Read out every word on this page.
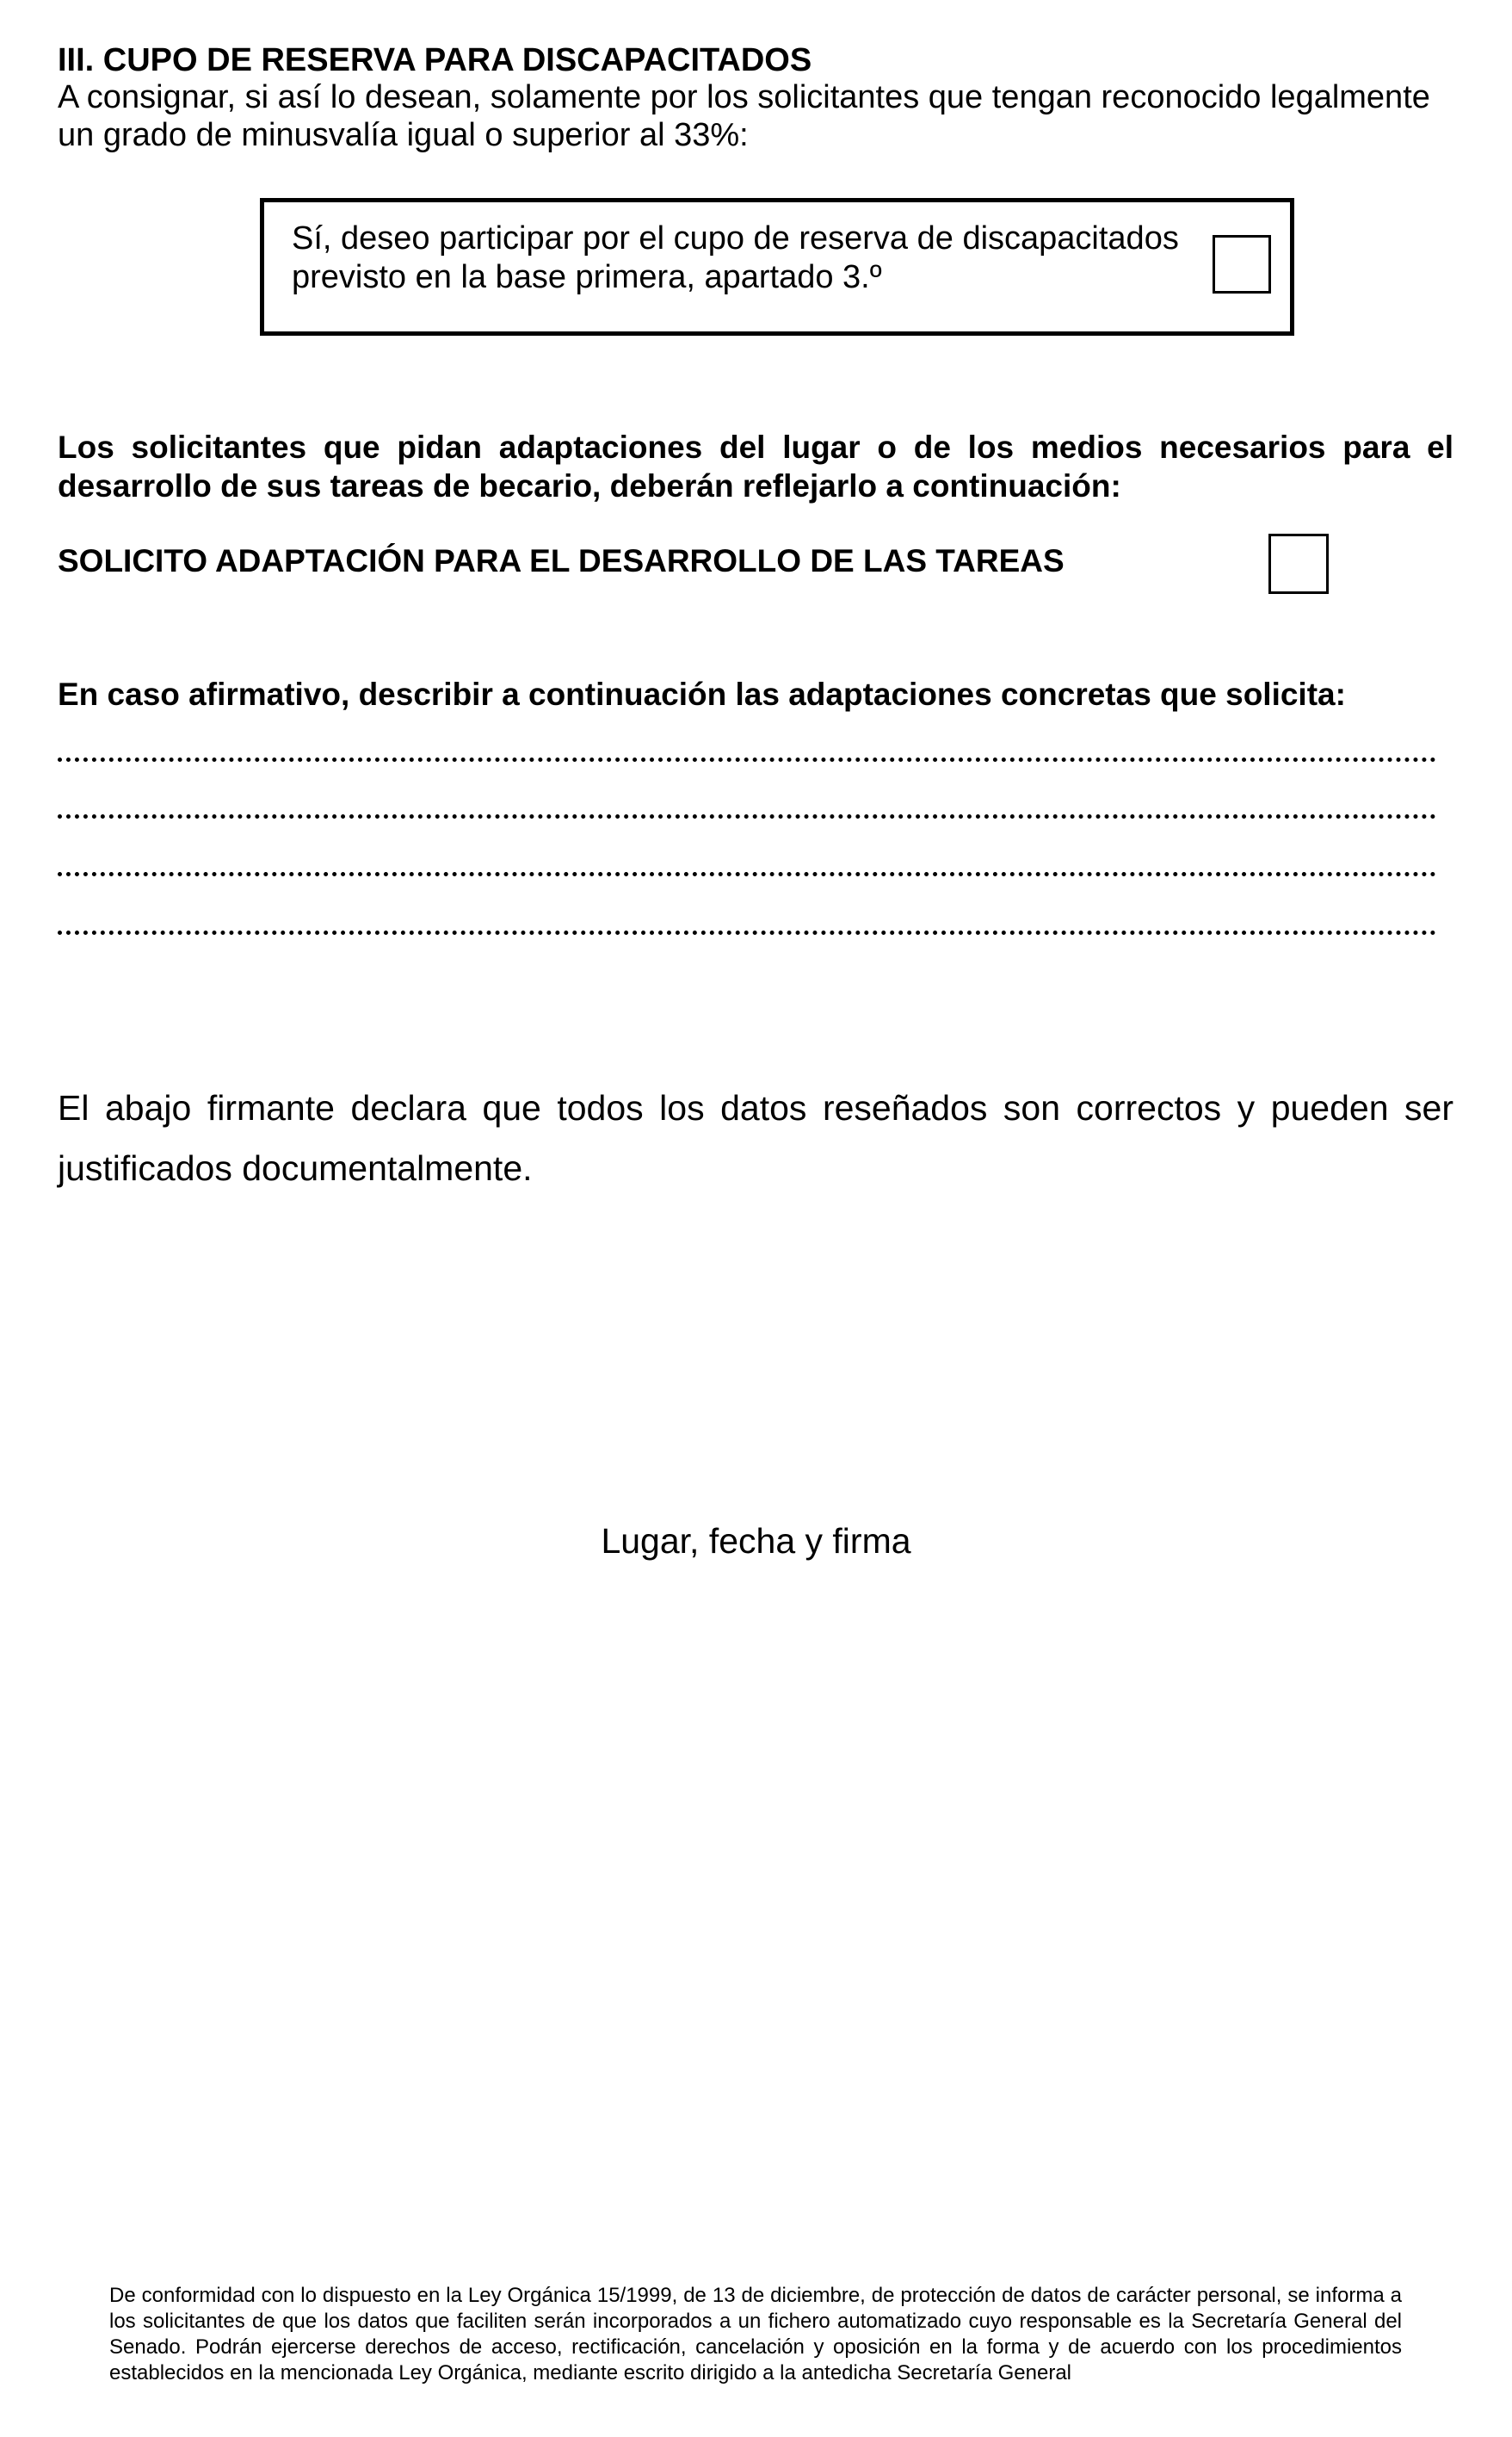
III. CUPO DE RESERVA PARA DISCAPACITADOS
A consignar, si así lo desean, solamente por los solicitantes que tengan reconocido legalmente un grado de minusvalía igual o superior al 33%:
Sí, deseo participar por el cupo de reserva de discapacitados previsto en la base primera, apartado 3.º
Los solicitantes que pidan adaptaciones del lugar o de los medios necesarios para el desarrollo de sus tareas de becario, deberán reflejarlo a continuación:
SOLICITO ADAPTACIÓN PARA EL DESARROLLO DE LAS TAREAS
En caso afirmativo, describir a continuación las adaptaciones concretas que solicita:
El abajo firmante declara que todos los datos reseñados son correctos y pueden ser justificados documentalmente.
Lugar, fecha y firma
De conformidad con lo dispuesto en la Ley Orgánica 15/1999, de 13 de diciembre, de protección de datos de carácter personal, se informa a los solicitantes de que los datos que faciliten serán incorporados a un fichero automatizado cuyo responsable es la Secretaría General del Senado. Podrán ejercerse derechos de acceso, rectificación, cancelación y oposición en la forma y de acuerdo con los procedimientos establecidos en la mencionada Ley Orgánica, mediante escrito dirigido a la antedicha Secretaría General
